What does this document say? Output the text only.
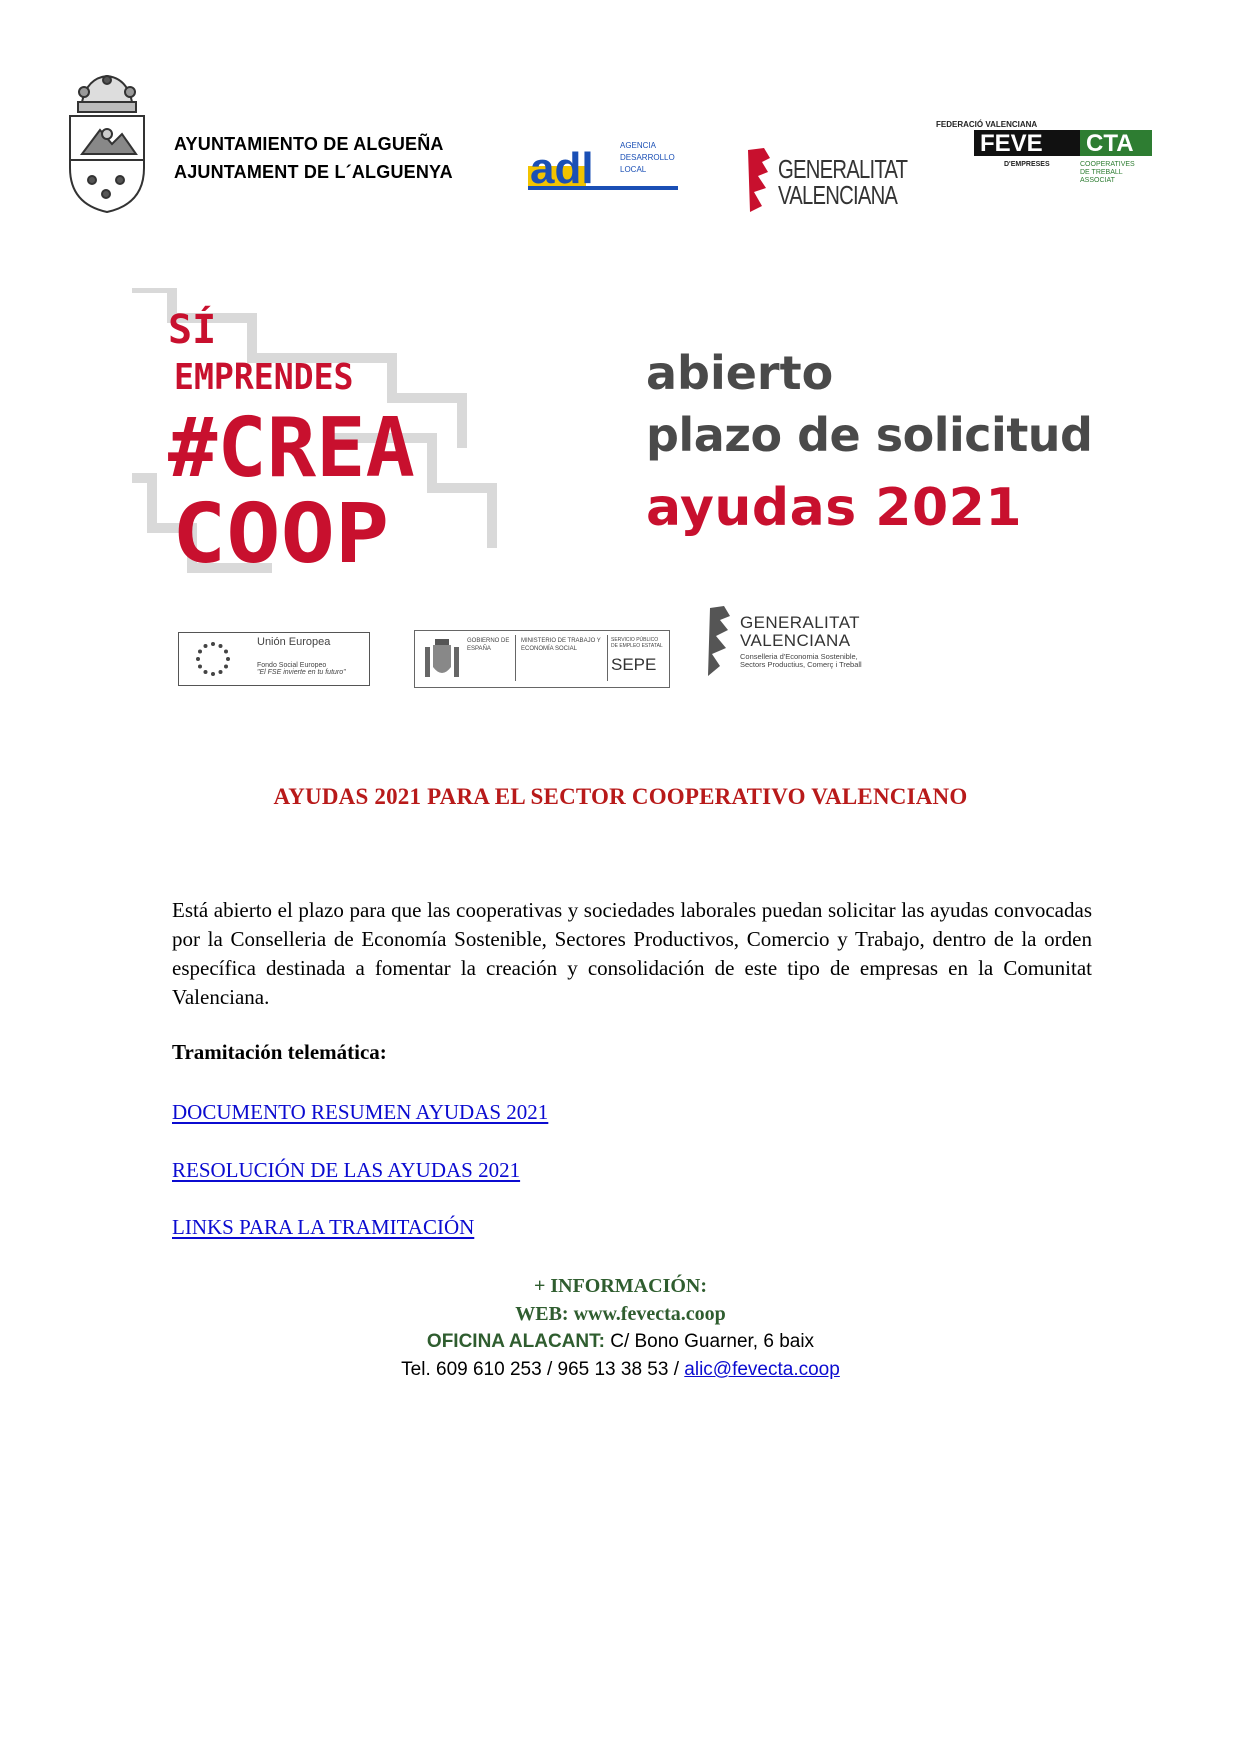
AYUNTAMIENTO DE ALGUEÑA
AJUNTAMENT DE L´ALGUENYA adl	AGENCIA
DESARROLLO
LOCAL	GENERALITAT
VALENCIANA
FEDERACIÓ VALENCIANA
FEVE CTA
D'EMPRESES	COOPERATIVES
DE TREBALL
ASSOCIAT
SÍ
EMPRENDES
#CREA
COOP
abierto
plazo de solicitud
ayudas 2021
Unión Europea
Fondo Social Europeo
"El FSE invierte en tu futuro"
GOBIERNO DE ESPAÑA
MINISTERIO DE TRABAJO Y ECONOMÍA SOCIAL
SERVICIO PÚBLICO DE EMPLEO ESTATAL
SEPE
GENERALITAT
VALENCIANA
Conselleria d'Economia Sostenible, Sectors Productius, Comerç i Treball
AYUDAS 2021 PARA EL SECTOR COOPERATIVO VALENCIANO
Está abierto el plazo para que las cooperativas y sociedades laborales puedan solicitar las ayudas convocadas por la Conselleria de Economía Sostenible, Sectores Productivos, Comercio y Trabajo, dentro de la orden específica destinada a fomentar la creación y consolidación de este tipo de empresas en la Comunitat Valenciana.
Tramitación telemática:
DOCUMENTO RESUMEN AYUDAS 2021
RESOLUCIÓN DE LAS AYUDAS 2021
LINKS PARA LA TRAMITACIÓN
+ INFORMACIÓN:
WEB: www.fevecta.coop
OFICINA ALACANT: C/ Bono Guarner, 6 baix
Tel. 609 610 253 / 965 13 38 53 / alic@fevecta.coop
